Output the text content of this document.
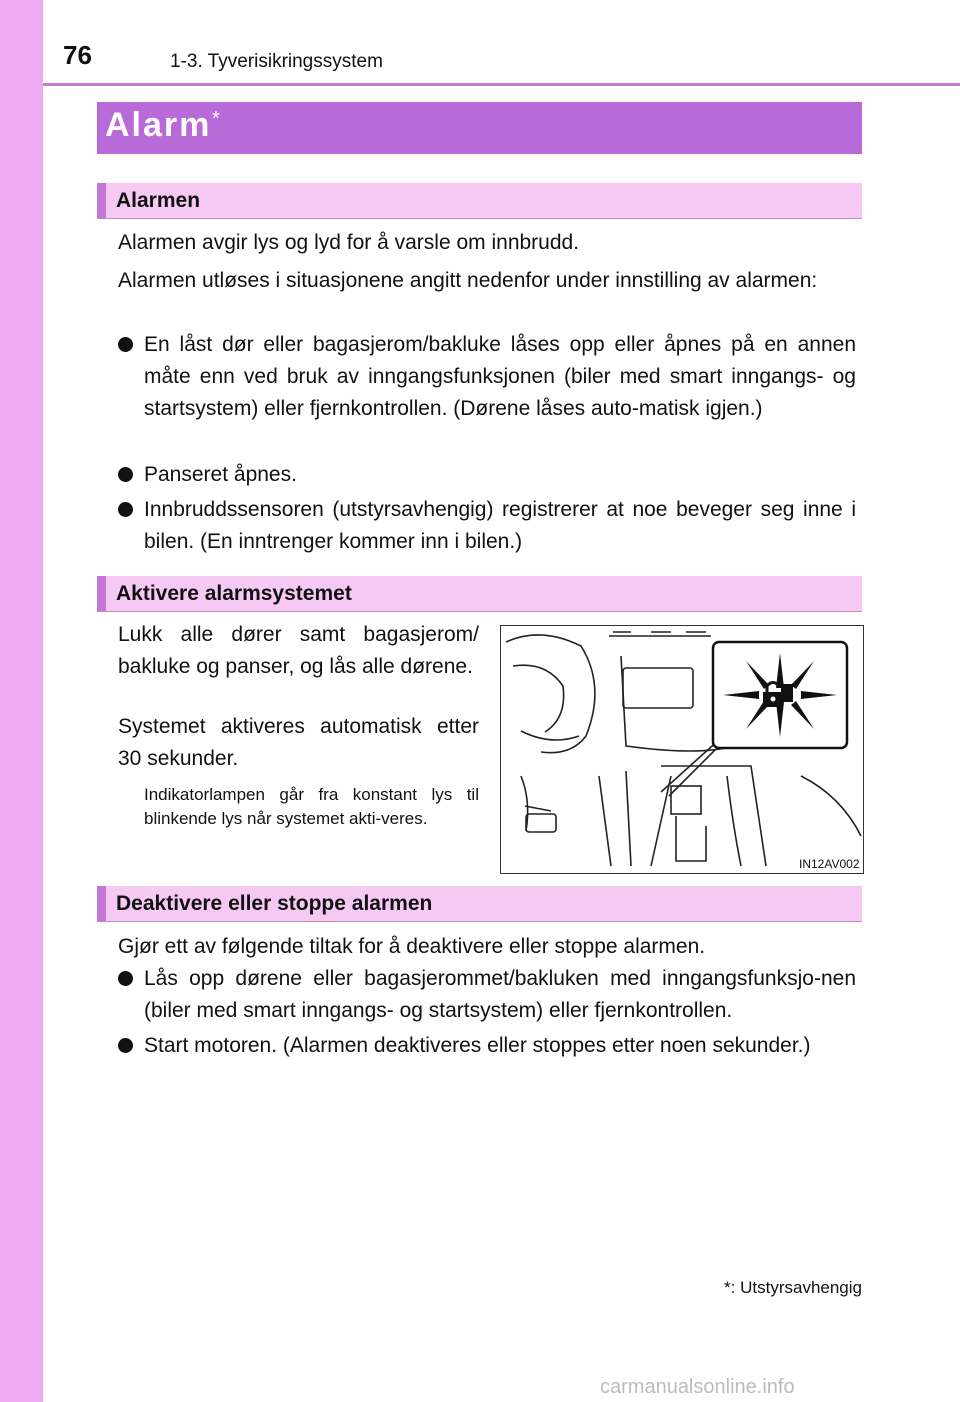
76	1-3. Tyverisikringssystem
Alarm *
Alarmen
Alarmen avgir lys og lyd for å varsle om innbrudd.
Alarmen utløses i situasjonene angitt nedenfor under innstilling av alarmen:
En låst dør eller bagasjerom/bakluke låses opp eller åpnes på en annen måte enn ved bruk av inngangsfunksjonen (biler med smart inngangs- og startsystem) eller fjernkontrollen. (Dørene låses auto-matisk igjen.)
Panseret åpnes.
Innbruddssensoren (utstyrsavhengig) registrerer at noe beveger seg inne i bilen. (En inntrenger kommer inn i bilen.)
Aktivere alarmsystemet
Lukk alle dører samt bagasjerom/ bakluke og panser, og lås alle dørene.
Systemet aktiveres automatisk etter 30 sekunder.
Indikatorlampen går fra konstant lys til blinkende lys når systemet akti-veres.
IN12AV002
Deaktivere eller stoppe alarmen
Gjør ett av følgende tiltak for å deaktivere eller stoppe alarmen.
Lås opp dørene eller bagasjerommet/bakluken med inngangsfunksjo-nen (biler med smart inngangs- og startsystem) eller fjernkontrollen.
Start motoren. (Alarmen deaktiveres eller stoppes etter noen sekunder.)
*: Utstyrsavhengig
carmanualsonline.info
